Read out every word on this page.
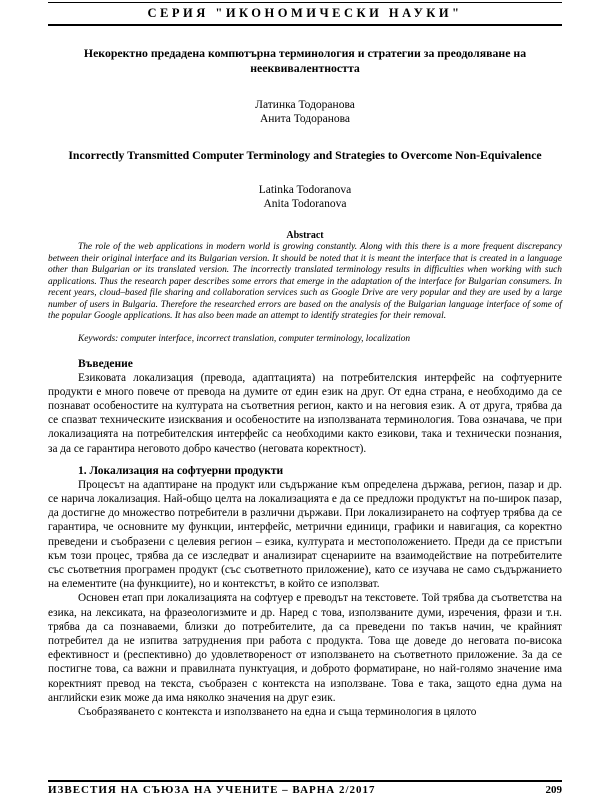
СЕРИЯ "ИКОНОМИЧЕСКИ НАУКИ"
Некоректно предадена компютърна терминология и стратегии за преодоляване на нееквивалентността
Латинка Тодоранова
Анита Тодоранова
Incorrectly Transmitted Computer Terminology and Strategies to Overcome Non-Equivalence
Latinka Todoranova
Anita Todoranova
Abstract

The role of the web applications in modern world is growing constantly. Along with this there is a more frequent discrepancy between their original interface and its Bulgarian version. It should be noted that it is meant the interface that is created in a language other than Bulgarian or its translated version. The incorrectly translated terminology results in difficulties when working with such applications. Thus the research paper describes some errors that emerge in the adaptation of the interface for Bulgarian consumers. In recent years, cloud–based file sharing and collaboration services such as Google Drive are very popular and they are used by a large number of users in Bulgaria. Therefore the researched errors are based on the analysis of the Bulgarian language interface of some of the popular Google applications. It has also been made an attempt to identify strategies for their removal.

Keywords: computer interface, incorrect translation, computer terminology, localization
Въведение

Езиковата локализация (превода, адаптацията) на потребителския интерфейс на софтуерните продукти е много повече от превода на думите от един език на друг. От една страна, е необходимо да се познават особеностите на културата на съответния регион, както и на неговия език. А от друга, трябва да се спазват техническите изисквания и особеностите на използваната терминология. Това означава, че при локализацията на потребителския интерфейс са необходими както езикови, така и технически познания, за да се гарантира неговото добро качество (неговата коректност).

1. Локализация на софтуерни продукти

Процесът на адаптиране на продукт или съдържание към определена държава, регион, пазар и др. се нарича локализация. Най-общо целта на локализацията е да се предложи продуктът на по-широк пазар, да достигне до множество потребители в различни държави. При локализирането на софтуер трябва да се гарантира, че основните му функции, интерфейс, метрични единици, графики и навигация, са коректно преведени и съобразени с целевия регион – езика, културата и местоположението. Преди да се пристъпи към този процес, трябва да се изследват и анализират сценариите на взаимодействие на потребителите със съответния програмен продукт (със съответното приложение), като се изучава не само съдържанието на елементите (на функциите), но и контекстът, в който се използват.

Основен етап при локализацията на софтуер е преводът на текстовете. Той трябва да съответства на езика, на лексиката, на фразеологизмите и др. Наред с това, използваните думи, изречения, фрази и т.н. трябва да са познаваеми, близки до потребителите, да са преведени по такъв начин, че крайният потребител да не изпитва затруднения при работа с продукта. Това ще доведе до неговата по-висока ефективност и (респективно) до удовлетвореност от използването на съответното приложение. За да се постигне това, са важни и правилната пунктуация, и доброто форматиране, но най-голямо значение има коректният превод на текста, съобразен с контекста на използване. Това е така, защото една дума на английски език може да има няколко значения на друг език.

Съобразяването с контекста и използването на една и съща терминология в цялото

ИЗВЕСТИЯ НА СЪЮЗА НА УЧЕНИТЕ – ВАРНА 2/2017	209
